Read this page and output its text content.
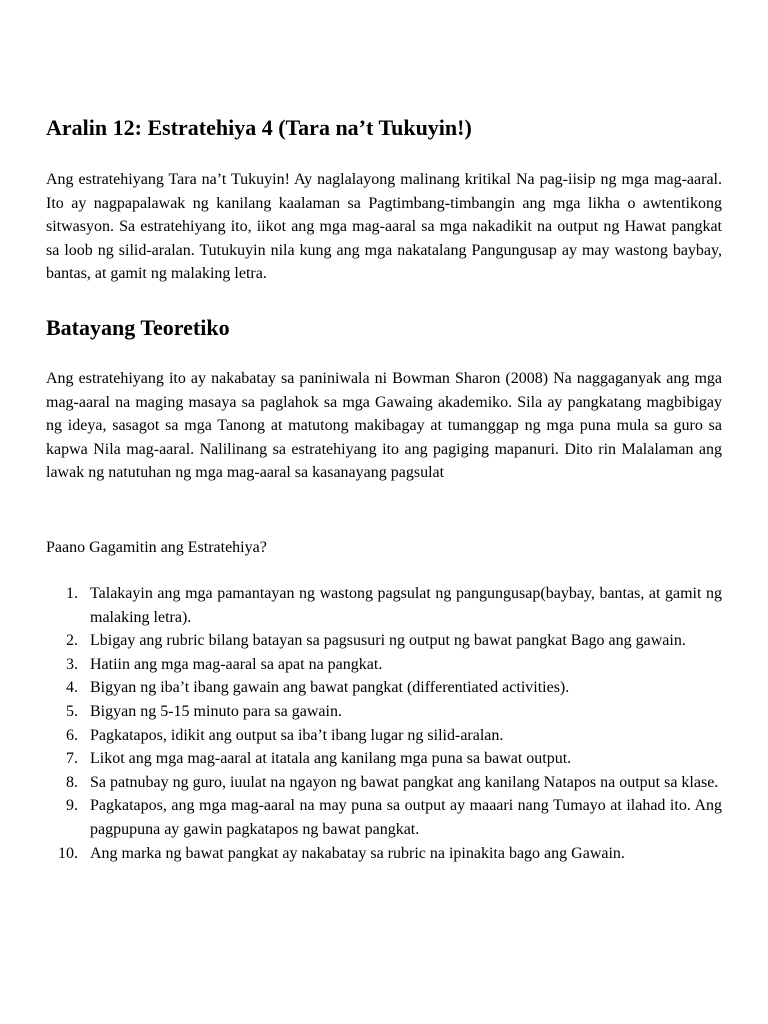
Aralin 12: Estratehiya 4 (Tara na’t Tukuyin!)

Ang estratehiyang Tara na’t Tukuyin! Ay naglalayong malinang kritikal Na pag-iisip ng mga mag-aaral. Ito ay nagpapalawak ng kanilang kaalaman sa Pagtimbang-timbangin ang mga likha o awtentikong sitwasyon. Sa estratehiyang ito, iikot ang mga mag-aaral sa mga nakadikit na output ng Hawat pangkat sa loob ng silid-aralan. Tutukuyin nila kung ang mga nakatalang Pangungusap ay may wastong baybay, bantas, at gamit ng malaking letra.

Batayang Teoretiko

Ang estratehiyang ito ay nakabatay sa paniniwala ni Bowman Sharon (2008) Na naggaganyak ang mga mag-aaral na maging masaya sa paglahok sa mga Gawaing akademiko. Sila ay pangkatang magbibigay ng ideya, sasagot sa mga Tanong at matutong makibagay at tumanggap ng mga puna mula sa guro sa kapwa Nila mag-aaral. Nalilinang sa estratehiyang ito ang pagiging mapanuri. Dito rin Malalaman ang lawak ng natutuhan ng mga mag-aaral sa kasanayang pagsulat

Paano Gagamitin ang Estratehiya?

1. Talakayin ang mga pamantayan ng wastong pagsulat ng pangungusap(baybay, bantas, at gamit ng malaking letra).
2. Lbigay ang rubric bilang batayan sa pagsusuri ng output ng bawat pangkat Bago ang gawain.
3. Hatiin ang mga mag-aaral sa apat na pangkat.
4. Bigyan ng iba’t ibang gawain ang bawat pangkat (differentiated activities).
5. Bigyan ng 5-15 minuto para sa gawain.
6. Pagkatapos, idikit ang output sa iba’t ibang lugar ng silid-aralan.
7. Likot ang mga mag-aaral at itatala ang kanilang mga puna sa bawat output.
8. Sa patnubay ng guro, iuulat na ngayon ng bawat pangkat ang kanilang Natapos na output sa klase.
9. Pagkatapos, ang mga mag-aaral na may puna sa output ay maaari nang Tumayo at ilahad ito. Ang pagpupuna ay gawin pagkatapos ng bawat pangkat.
10. Ang marka ng bawat pangkat ay nakabatay sa rubric na ipinakita bago ang Gawain.
